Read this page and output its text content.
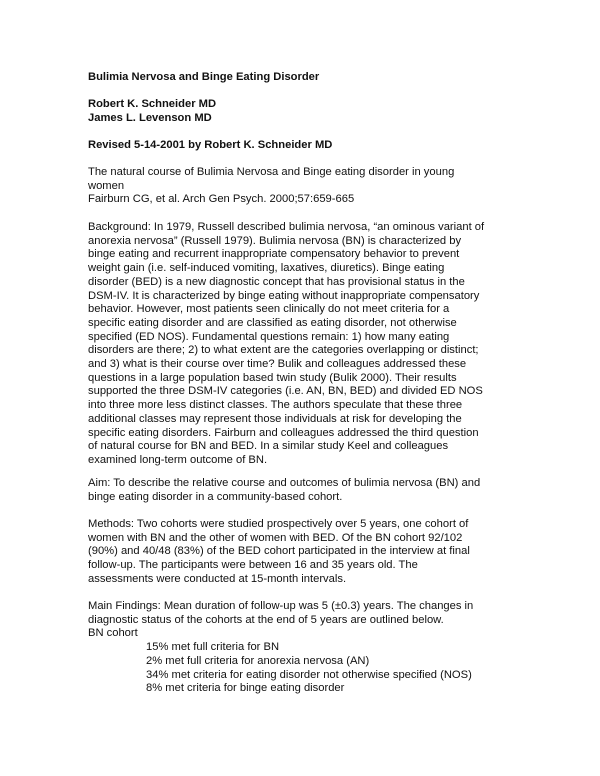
Bulimia Nervosa and Binge Eating Disorder
Robert K. Schneider MD
James L. Levenson MD
Revised 5-14-2001 by Robert K. Schneider MD
The natural course of Bulimia Nervosa and Binge eating disorder in young
women
Fairburn CG, et al. Arch Gen Psych. 2000;57:659-665
Background: In 1979, Russell described bulimia nervosa, “an ominous variant of
anorexia nervosa” (Russell 1979). Bulimia nervosa (BN) is characterized by
binge eating and recurrent inappropriate compensatory behavior to prevent
weight gain (i.e. self-induced vomiting, laxatives, diuretics). Binge eating
disorder (BED) is a new diagnostic concept that has provisional status in the
DSM-IV. It is characterized by binge eating without inappropriate compensatory
behavior. However, most patients seen clinically do not meet criteria for a
specific eating disorder and are classified as eating disorder, not otherwise
specified (ED NOS). Fundamental questions remain: 1) how many eating
disorders are there; 2) to what extent are the categories overlapping or distinct;
and 3) what is their course over time? Bulik and colleagues addressed these
questions in a large population based twin study (Bulik 2000). Their results
supported the three DSM-IV categories (i.e. AN, BN, BED) and divided ED NOS
into three more less distinct classes. The authors speculate that these three
additional classes may represent those individuals at risk for developing the
specific eating disorders. Fairburn and colleagues addressed the third question
of natural course for BN and BED. In a similar study Keel and colleagues
examined long-term outcome of BN.
Aim: To describe the relative course and outcomes of bulimia nervosa (BN) and
binge eating disorder in a community-based cohort.
Methods: Two cohorts were studied prospectively over 5 years, one cohort of
women with BN and the other of women with BED. Of the BN cohort 92/102
(90%) and 40/48 (83%) of the BED cohort participated in the interview at final
follow-up. The participants were between 16 and 35 years old. The
assessments were conducted at 15-month intervals.
Main Findings: Mean duration of follow-up was 5 (±0.3) years. The changes in
diagnostic status of the cohorts at the end of 5 years are outlined below.
BN cohort
15% met full criteria for BN
2% met full criteria for anorexia nervosa (AN)
34% met criteria for eating disorder not otherwise specified (NOS)
8% met criteria for binge eating disorder
